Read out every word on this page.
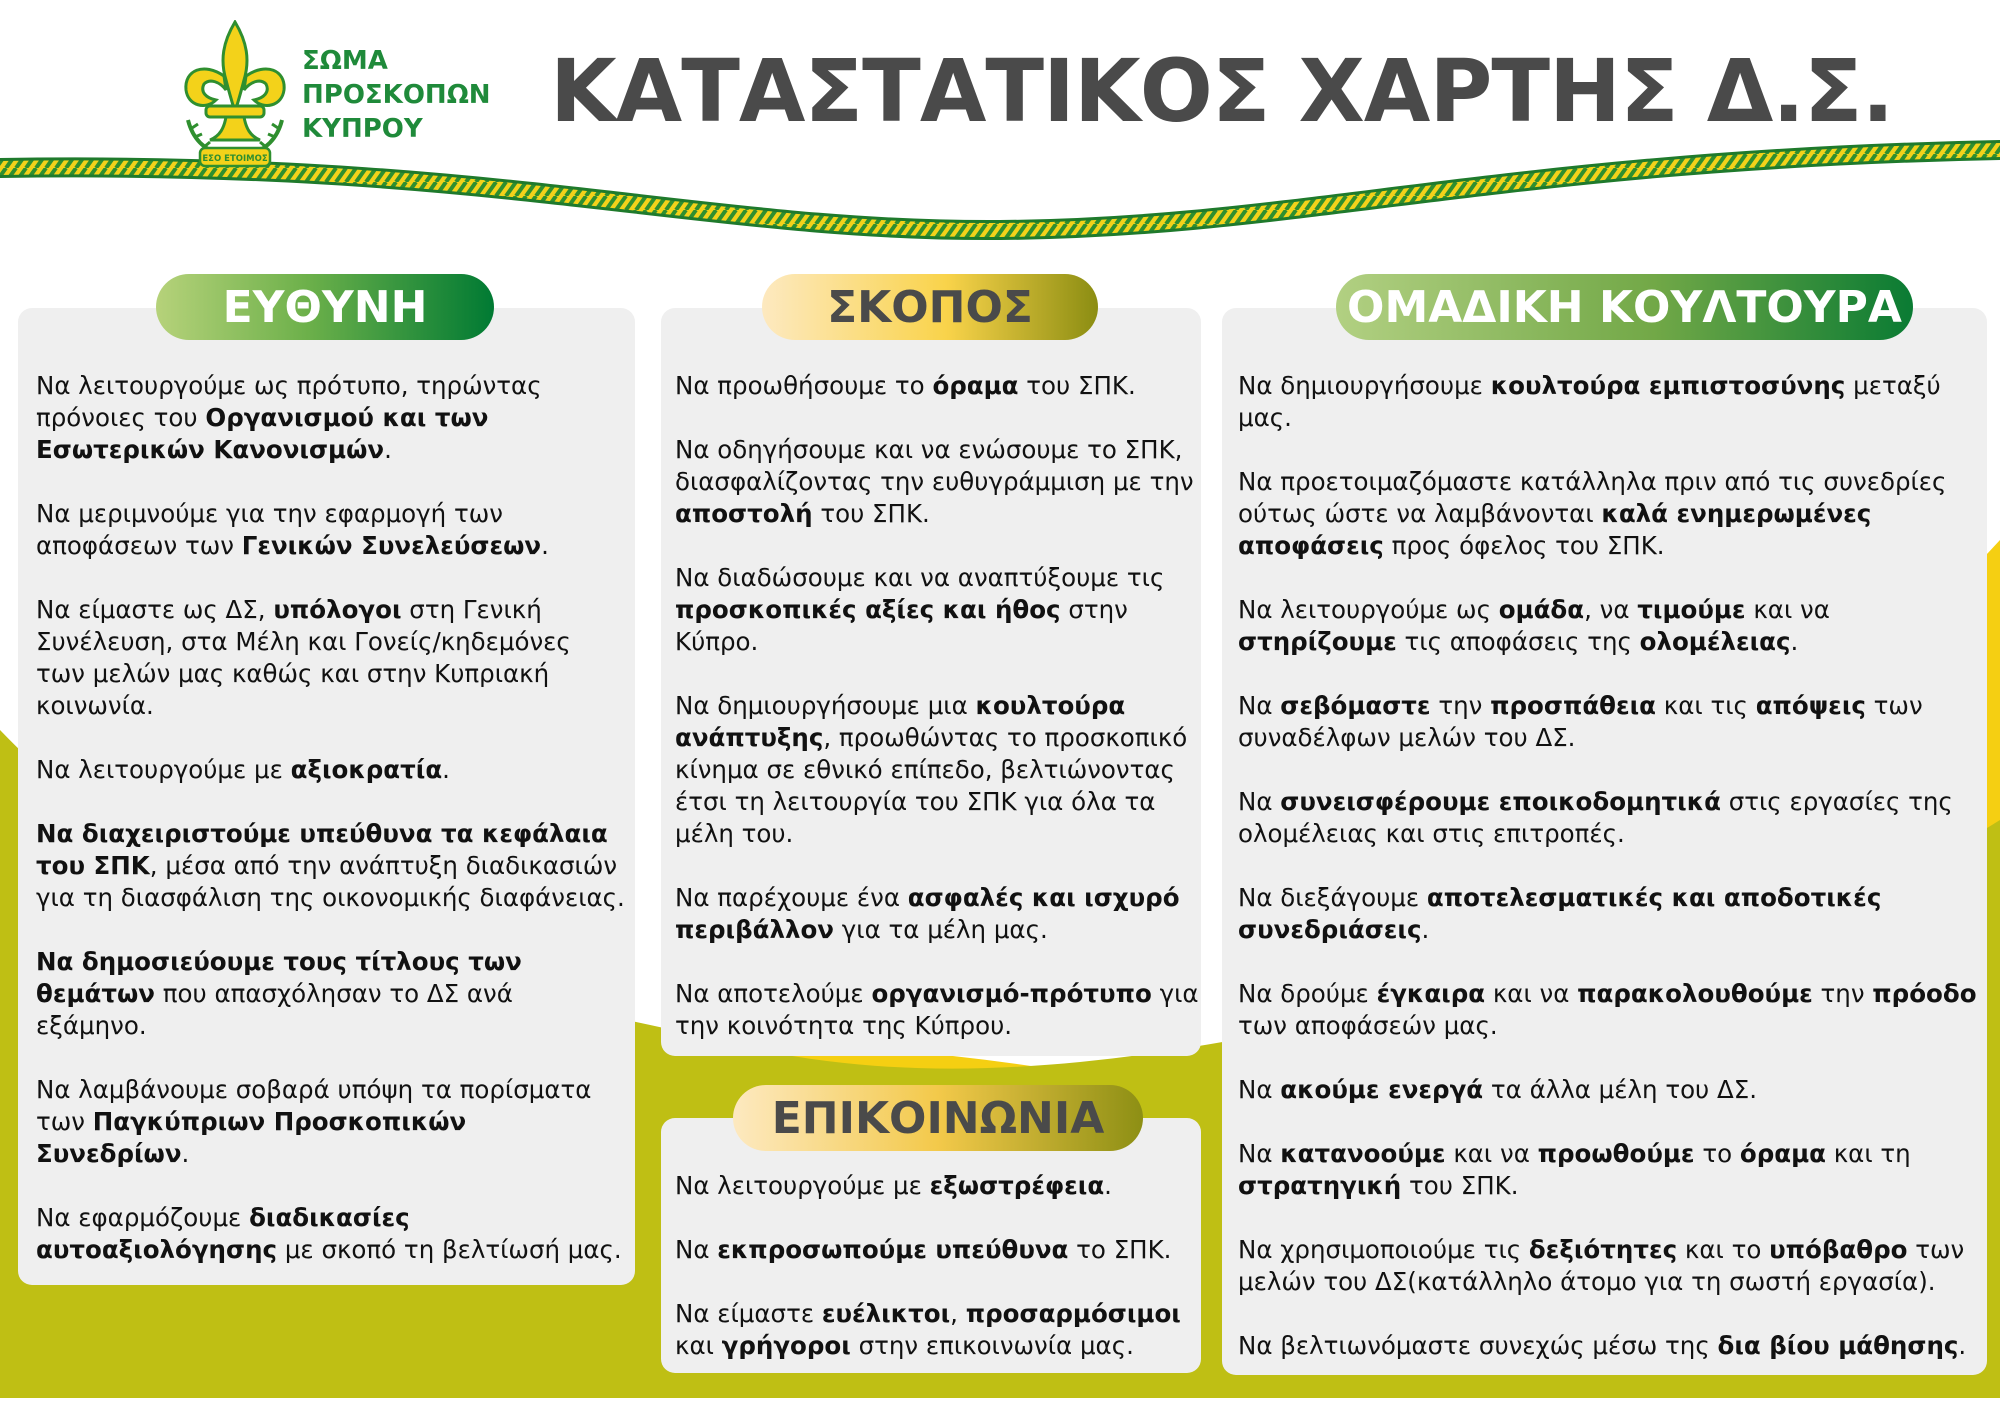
ΕΣΟ ΕΤΟΙΜΟΣ
ΣΩΜΑ
ΠΡΟΣΚΟΠΩΝ
ΚΥΠΡΟΥ	ΚΑΤΑΣΤΑΤΙΚΟΣ ΧΑΡΤΗΣ Δ.Σ.
ΕΥΘΥΝΗ	ΣΚΟΠΟΣ
ΕΠΙΚΟΙΝΩΝΙΑ
ΟΜΑΔΙΚΗ ΚΟΥΛΤΟΥΡΑ
Να λειτουργούμε ως πρότυπο, τηρώντας πρόνοιες του Οργανισμού και των Εσωτερικών Κανονισμών.
Να μεριμνούμε για την εφαρμογή των αποφάσεων των Γενικών Συνελεύσεων.
Να είμαστε ως ΔΣ, υπόλογοι στη Γενική Συνέλευση, στα Μέλη και Γονείς/κηδεμόνες των μελών μας καθώς και στην Κυπριακή κοινωνία.
Να λειτουργούμε με αξιοκρατία.
Να διαχειριστούμε υπεύθυνα τα κεφάλαια του ΣΠΚ, μέσα από την ανάπτυξη διαδικασιών για τη διασφάλιση της οικονομικής διαφάνειας.
Να δημοσιεύουμε τους τίτλους των θεμάτων που απασχόλησαν το ΔΣ ανά εξάμηνο.
Να λαμβάνουμε σοβαρά υπόψη τα πορίσματα των Παγκύπριων Προσκοπικών Συνεδρίων.
Να εφαρμόζουμε διαδικασίες αυτοαξιολόγησης με σκοπό τη βελτίωσή μας.
Να προωθήσουμε το όραμα του ΣΠΚ.
Να οδηγήσουμε και να ενώσουμε το ΣΠΚ, διασφαλίζοντας την ευθυγράμμιση με την αποστολή του ΣΠΚ.
Να διαδώσουμε και να αναπτύξουμε τις προσκοπικές αξίες και ήθος στην Κύπρο.
Να δημιουργήσουμε μια κουλτούρα ανάπτυξης, προωθώντας το προσκοπικό κίνημα σε εθνικό επίπεδο, βελτιώνοντας έτσι τη λειτουργία του ΣΠΚ για όλα τα μέλη του.
Να παρέχουμε ένα ασφαλές και ισχυρό περιβάλλον για τα μέλη μας.
Να αποτελούμε οργανισμό-πρότυπο για την κοινότητα της Κύπρου.
Να λειτουργούμε με εξωστρέφεια.
Να εκπροσωπούμε υπεύθυνα το ΣΠΚ.
Να είμαστε ευέλικτοι, προσαρμόσιμοι και γρήγοροι στην επικοινωνία μας.
Να δημιουργήσουμε κουλτούρα εμπιστοσύνης μεταξύ μας.
Να προετοιμαζόμαστε κατάλληλα πριν από τις συνεδρίες ούτως ώστε να λαμβάνονται καλά ενημερωμένες αποφάσεις προς όφελος του ΣΠΚ.
Να λειτουργούμε ως ομάδα, να τιμούμε και να στηρίζουμε τις αποφάσεις της ολομέλειας.
Να σεβόμαστε την προσπάθεια και τις απόψεις των συναδέλφων μελών του ΔΣ.
Να συνεισφέρουμε εποικοδομητικά στις εργασίες της ολομέλειας και στις επιτροπές.
Να διεξάγουμε αποτελεσματικές και αποδοτικές συνεδριάσεις.
Να δρούμε έγκαιρα και να παρακολουθούμε την πρόοδο των αποφάσεών μας.
Να ακούμε ενεργά τα άλλα μέλη του ΔΣ.
Να κατανοούμε και να προωθούμε το όραμα και τη στρατηγική του ΣΠΚ.
Να χρησιμοποιούμε τις δεξιότητες και το υπόβαθρο των μελών του ΔΣ(κατάλληλο άτομο για τη σωστή εργασία).
Να βελτιωνόμαστε συνεχώς μέσω της δια βίου μάθησης.
